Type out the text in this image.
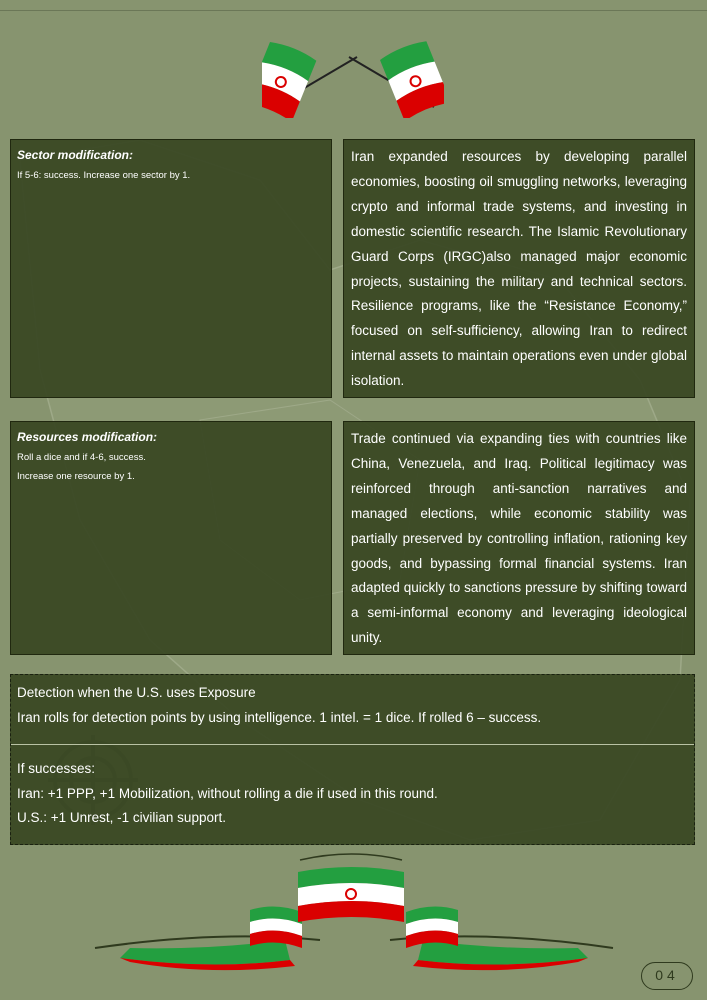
Sector modification:
If 5-6: success. Increase one sector by 1.

Iran expanded resources by developing parallel economies, boosting oil smuggling networks, leveraging crypto and informal trade systems, and investing in domestic scientific research. The Islamic Revolutionary Guard Corps (IRGC)also managed major economic projects, sustaining the military and technical sectors. Resilience programs, like the “Resistance Economy,” focused on self-sufficiency, allowing Iran to redirect internal assets to maintain operations even under global isolation.

Resources modification:
Roll a dice and if 4-6, success.
Increase one resource by 1.

Trade continued via expanding ties with countries like China, Venezuela, and Iraq. Political legitimacy was reinforced through anti-sanction narratives and managed elections, while economic stability was partially preserved by controlling inflation, rationing key goods, and bypassing formal financial systems. Iran adapted quickly to sanctions pressure by shifting toward a semi-informal economy and leveraging ideological unity.

Detection when the U.S. uses Exposure
Iran rolls for detection points by using intelligence. 1 intel. = 1 dice. If rolled 6 – success.
If successes:
Iran: +1 PPP, +1 Mobilization, without rolling a die if used in this round.
U.S.: +1 Unrest, -1 civilian support.
04
